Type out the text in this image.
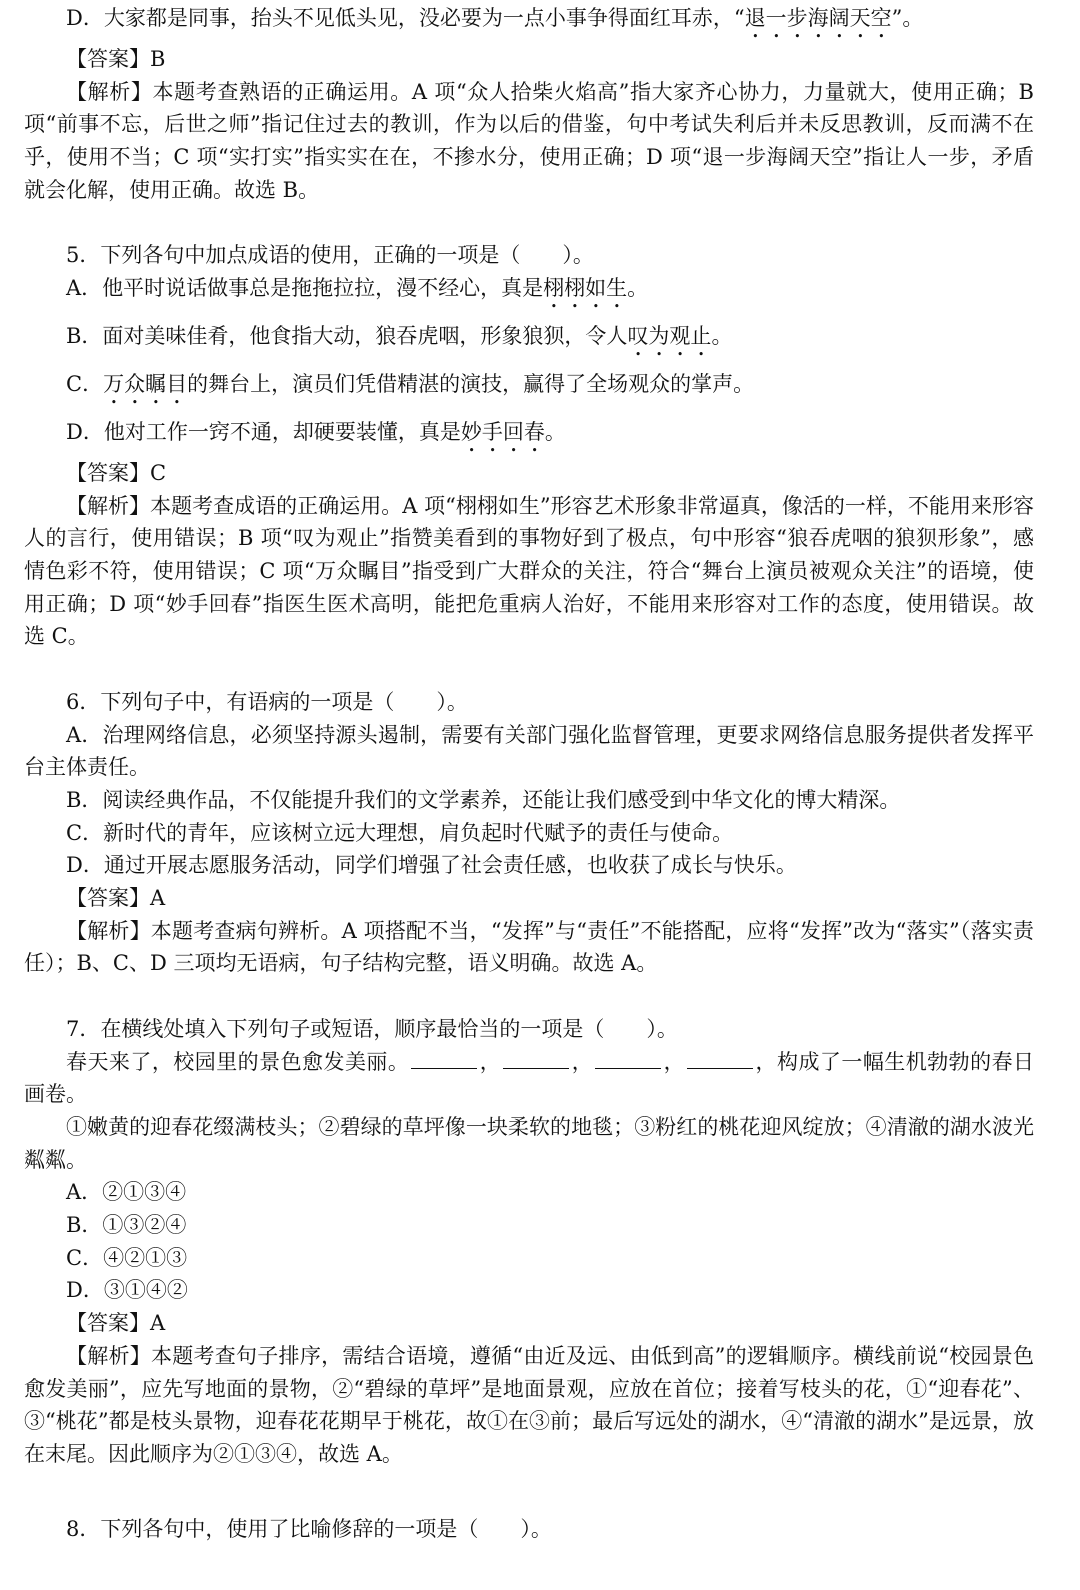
D．大家都是同事，抬头不见低头见，没必要为一点小事争得面红耳赤，“退一步海阔天空”。
【答案】B
【解析】本题考查熟语的正确运用。A 项“众人拾柴火焰高”指大家齐心协力，力量就大，使用正确；B 项“前事不忘，后世之师”指记住过去的教训，作为以后的借鉴，句中考试失利后并未反思教训，反而满不在乎，使用不当；C 项“实打实”指实实在在，不掺水分，使用正确；D 项“退一步海阔天空”指让人一步，矛盾就会化解，使用正确。故选 B。
5．下列各句中加点成语的使用，正确的一项是（　　）。
A．他平时说话做事总是拖拖拉拉，漫不经心，真是栩栩如生。
B．面对美味佳肴，他食指大动，狼吞虎咽，形象狼狈，令人叹为观止。
C．万众瞩目的舞台上，演员们凭借精湛的演技，赢得了全场观众的掌声。
D．他对工作一窍不通，却硬要装懂，真是妙手回春。
【答案】C
【解析】本题考查成语的正确运用。A 项“栩栩如生”形容艺术形象非常逼真，像活的一样，不能用来形容人的言行，使用错误；B 项“叹为观止”指赞美看到的事物好到了极点，句中形容“狼吞虎咽的狼狈形象”，感情色彩不符，使用错误；C 项“万众瞩目”指受到广大群众的关注，符合“舞台上演员被观众关注”的语境，使用正确；D 项“妙手回春”指医生医术高明，能把危重病人治好，不能用来形容对工作的态度，使用错误。故选 C。
6．下列句子中，有语病的一项是（　　）。
A．治理网络信息，必须坚持源头遏制，需要有关部门强化监督管理，更要求网络信息服务提供者发挥平台主体责任。
B．阅读经典作品，不仅能提升我们的文学素养，还能让我们感受到中华文化的博大精深。
C．新时代的青年，应该树立远大理想，肩负起时代赋予的责任与使命。
D．通过开展志愿服务活动，同学们增强了社会责任感，也收获了成长与快乐。
【答案】A
【解析】本题考查病句辨析。A 项搭配不当，“发挥”与“责任”不能搭配，应将“发挥”改为“落实”（落实责任）；B、C、D 三项均无语病，句子结构完整，语义明确。故选 A。
7．在横线处填入下列句子或短语，顺序最恰当的一项是（　　）。
春天来了，校园里的景色愈发美丽。	，	，	，	，构成了一幅生机勃勃的春日画卷。
①嫩黄的迎春花缀满枝头；②碧绿的草坪像一块柔软的地毯；③粉红的桃花迎风绽放；④清澈的湖水波光粼粼。
A．②①③④
B．①③②④
C．④②①③
D．③①④②
【答案】A
【解析】本题考查句子排序，需结合语境，遵循“由近及远、由低到高”的逻辑顺序。横线前说“校园景色愈发美丽”，应先写地面的景物，②“碧绿的草坪”是地面景观，应放在首位；接着写枝头的花，①“迎春花”、③“桃花”都是枝头景物，迎春花花期早于桃花，故①在③前；最后写远处的湖水，④“清澈的湖水”是远景，放在末尾。因此顺序为②①③④，故选 A。
8．下列各句中，使用了比喻修辞的一项是（　　）。
